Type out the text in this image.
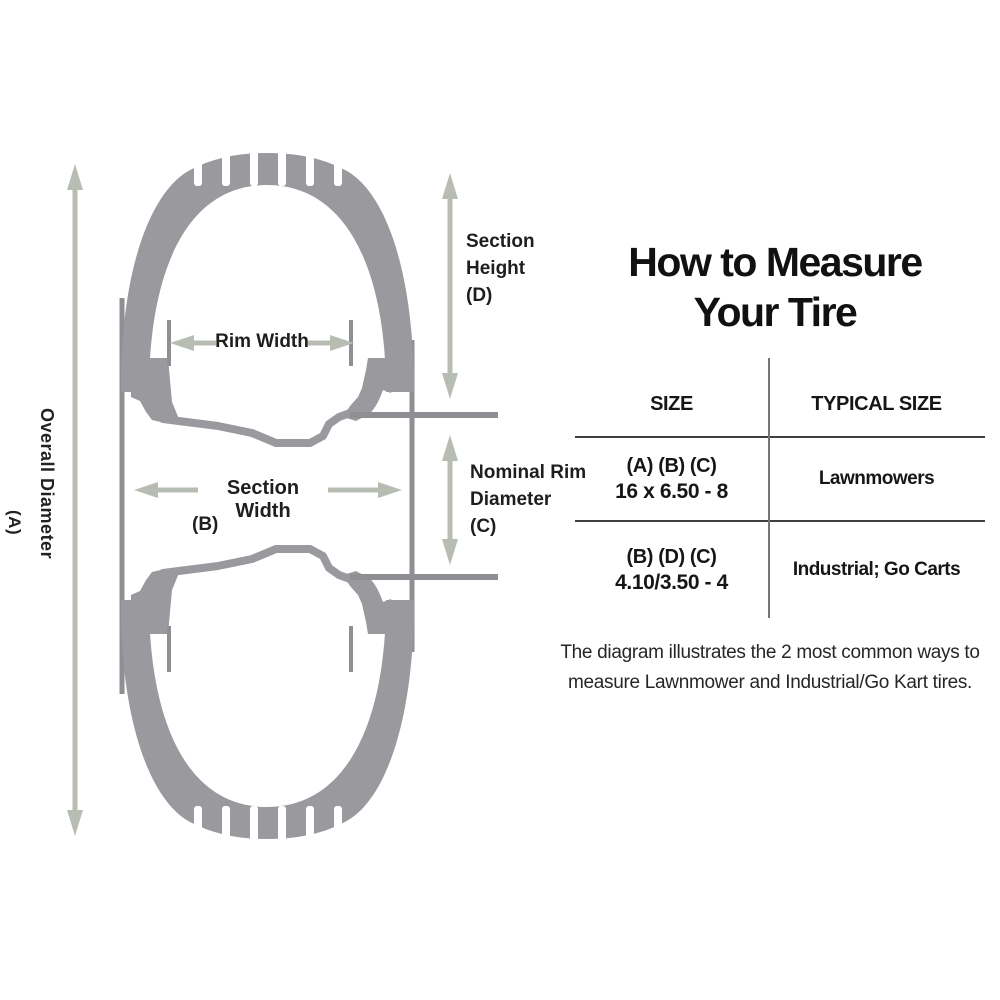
Overall Diameter
(A)
Rim Width
Section Width
(B)
Section
Height
(D)
Nominal Rim
Diameter
(C)
How to Measure
Your Tire
SIZE	TYPICAL SIZE
(A) (B) (C)
16 x 6.50 - 8
Lawnmowers
(B) (D) (C)
4.10/3.50 - 4
Industrial; Go Carts
The diagram illustrates the 2 most common ways to measure Lawnmower and Industrial/Go Kart tires.
